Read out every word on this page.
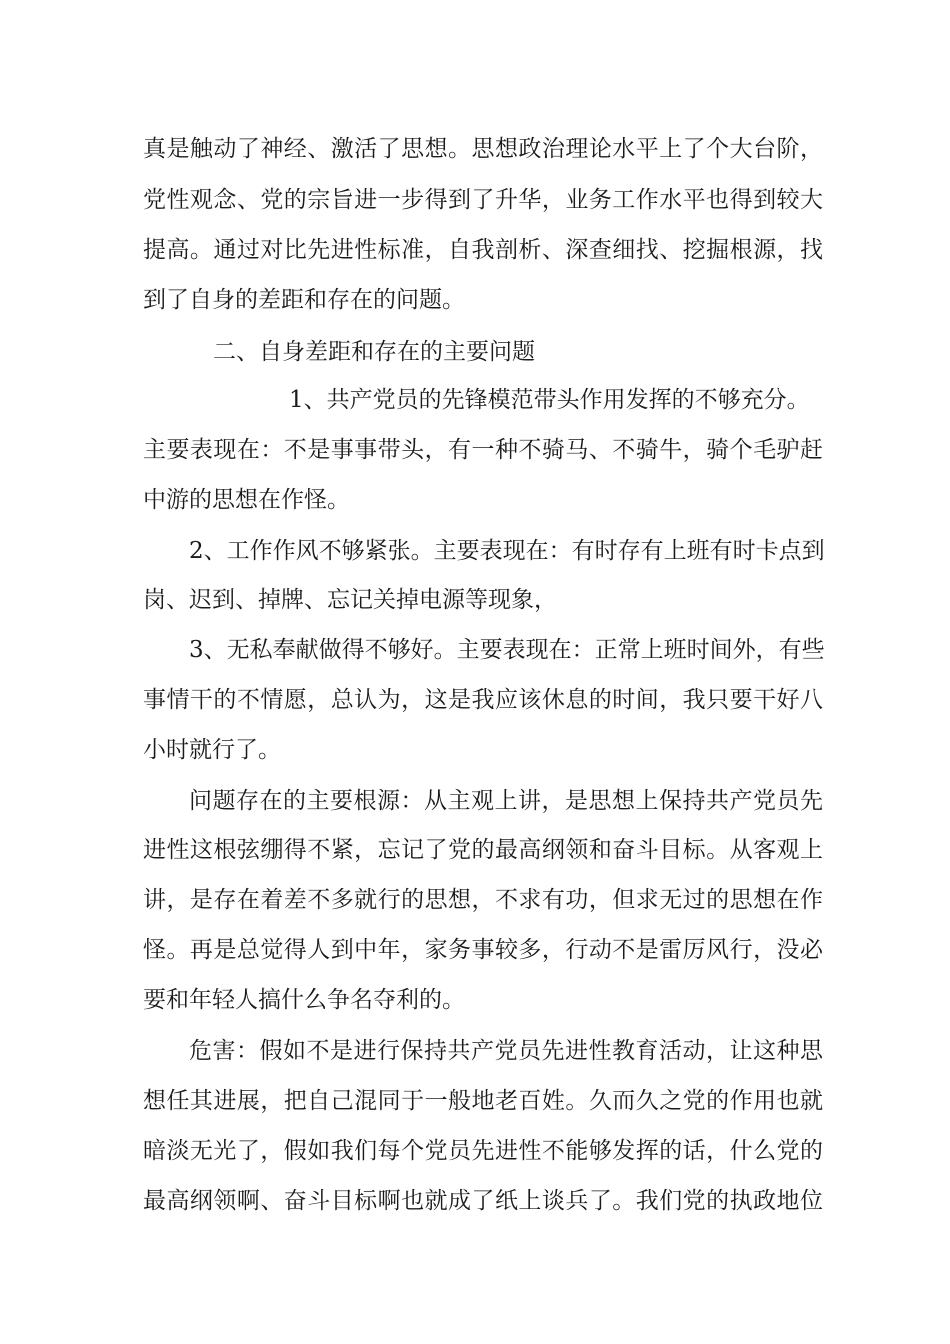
真是触动了神经、激活了思想。思想政治理论水平上了个大台阶，
党性观念、党的宗旨进一步得到了升华，业务工作水平也得到较大
提高。通过对比先进性标准，自我剖析、深查细找、挖掘根源，找
到了自身的差距和存在的问题。
二、自身差距和存在的主要问题
1、共产党员的先锋模范带头作用发挥的不够充分。
主要表现在：不是事事带头，有一种不骑马、不骑牛，骑个毛驴赶
中游的思想在作怪。
2、工作作风不够紧张。主要表现在：有时存有上班有时卡点到
岗、迟到、掉牌、忘记关掉电源等现象，
3、无私奉献做得不够好。主要表现在：正常上班时间外，有些
事情干的不情愿，总认为，这是我应该休息的时间，我只要干好八
小时就行了。
问题存在的主要根源：从主观上讲，是思想上保持共产党员先
进性这根弦绷得不紧，忘记了党的最高纲领和奋斗目标。从客观上
讲，是存在着差不多就行的思想，不求有功，但求无过的思想在作
怪。再是总觉得人到中年，家务事较多，行动不是雷厉风行，没必
要和年轻人搞什么争名夺利的。
危害：假如不是进行保持共产党员先进性教育活动，让这种思
想任其进展，把自己混同于一般地老百姓。久而久之党的作用也就
暗淡无光了，假如我们每个党员先进性不能够发挥的话，什么党的
最高纲领啊、奋斗目标啊也就成了纸上谈兵了。我们党的执政地位
